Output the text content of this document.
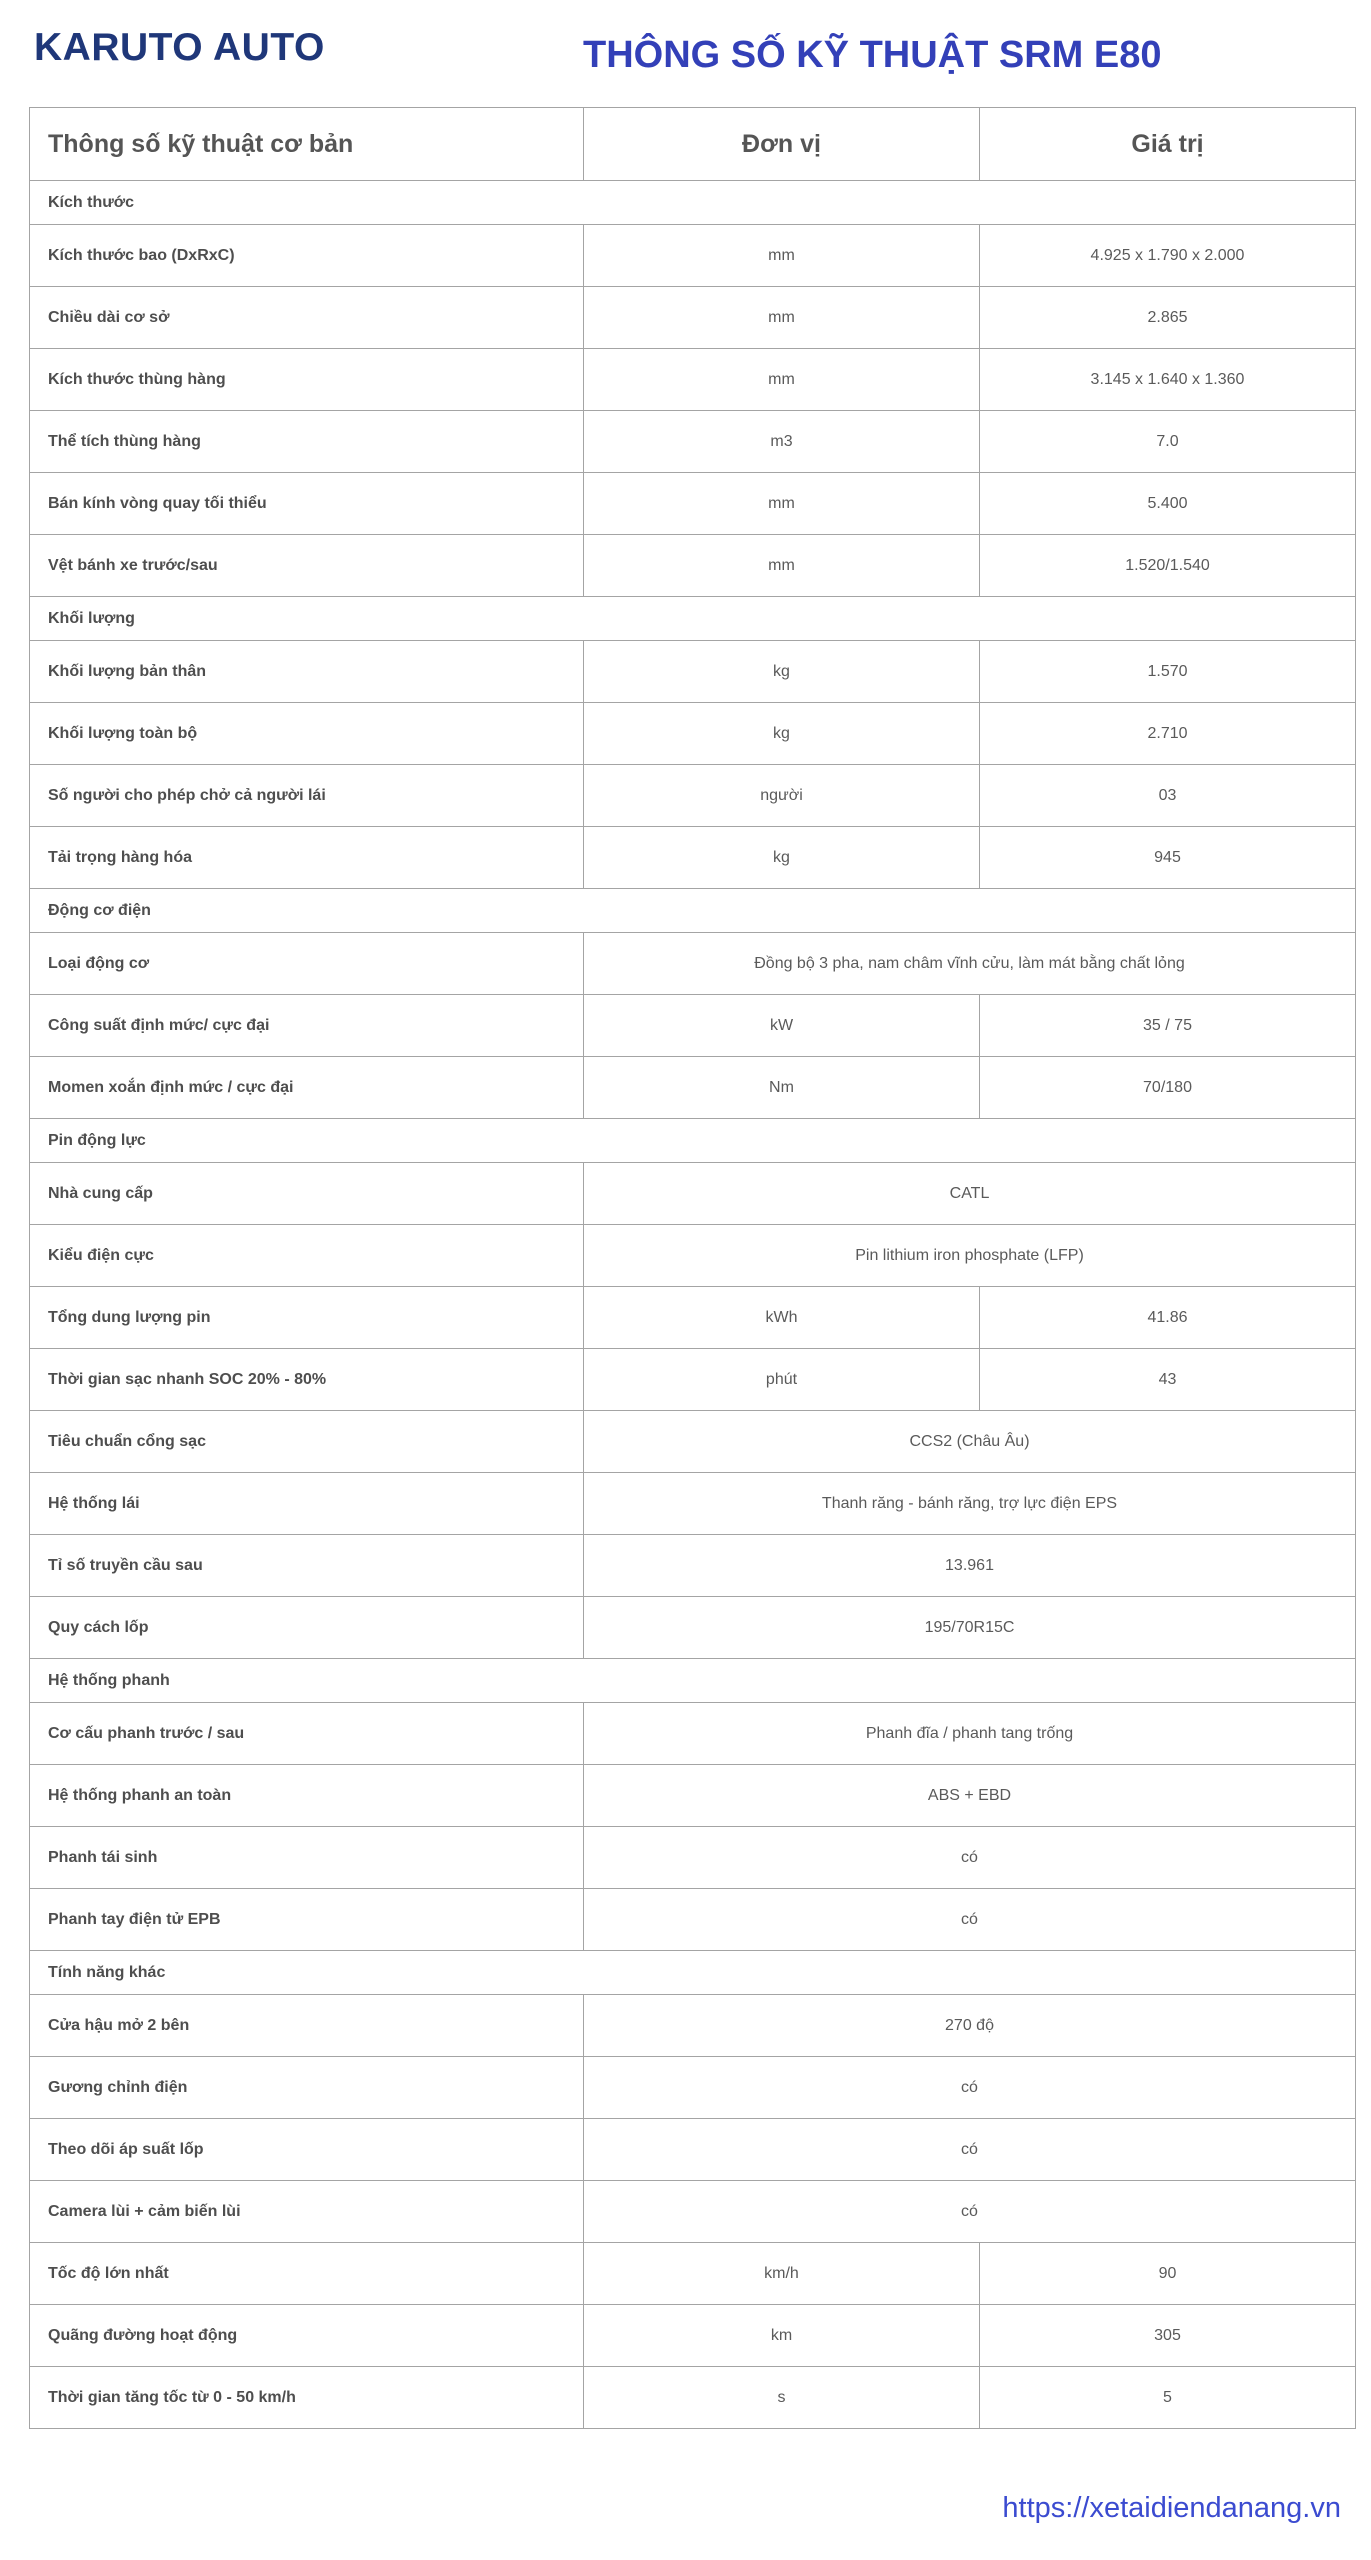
KARUTO AUTO	THÔNG SỐ KỸ THUẬT SRM E80
Thông số kỹ thuật cơ bản	Đơn vị	Giá trị
Kích thước		
Kích thước bao (DxRxC)	mm	4.925 x 1.790 x 2.000
Chiều dài cơ sở	mm	2.865
Kích thước thùng hàng	mm	3.145 x 1.640 x 1.360
Thể tích thùng hàng	m3	7.0
Bán kính vòng quay tối thiểu	mm	5.400
Vệt bánh xe trước/sau	mm	1.520/1.540
Khối lượng		
Khối lượng bản thân	kg	1.570
Khối lượng toàn bộ	kg	2.710
Số người cho phép chở cả người lái	người	03
Tải trọng hàng hóa	kg	945
Động cơ điện		
Loại động cơ	Đồng bộ 3 pha, nam châm vĩnh cửu, làm mát bằng chất lỏng	
Công suất định mức/ cực đại	kW	35 / 75
Momen xoắn định mức / cực đại	Nm	70/180
Pin động lực		
Nhà cung cấp	CATL	
Kiểu điện cực	Pin lithium iron phosphate (LFP)	
Tổng dung lượng pin	kWh	41.86
Thời gian sạc nhanh SOC 20% - 80%	phút	43
Tiêu chuẩn cổng sạc	CCS2 (Châu Âu)	
Hệ thống lái	Thanh răng - bánh răng, trợ lực điện EPS	
Tỉ số truyền cầu sau	13.961	
Quy cách lốp	195/70R15C	
Hệ thống phanh		
Cơ cấu phanh trước / sau	Phanh đĩa / phanh tang trống	
Hệ thống phanh an toàn	ABS + EBD	
Phanh tái sinh	có	
Phanh tay điện tử EPB	có	
Tính năng khác		
Cửa hậu mở 2 bên	270 độ	
Gương chỉnh điện	có	
Theo dõi áp suất lốp	có	
Camera lùi + cảm biến lùi	có	
Tốc độ lớn nhất	km/h	90
Quãng đường hoạt động	km	305
Thời gian tăng tốc từ 0 - 50 km/h	s	5
https://xetaidiendanang.vn
